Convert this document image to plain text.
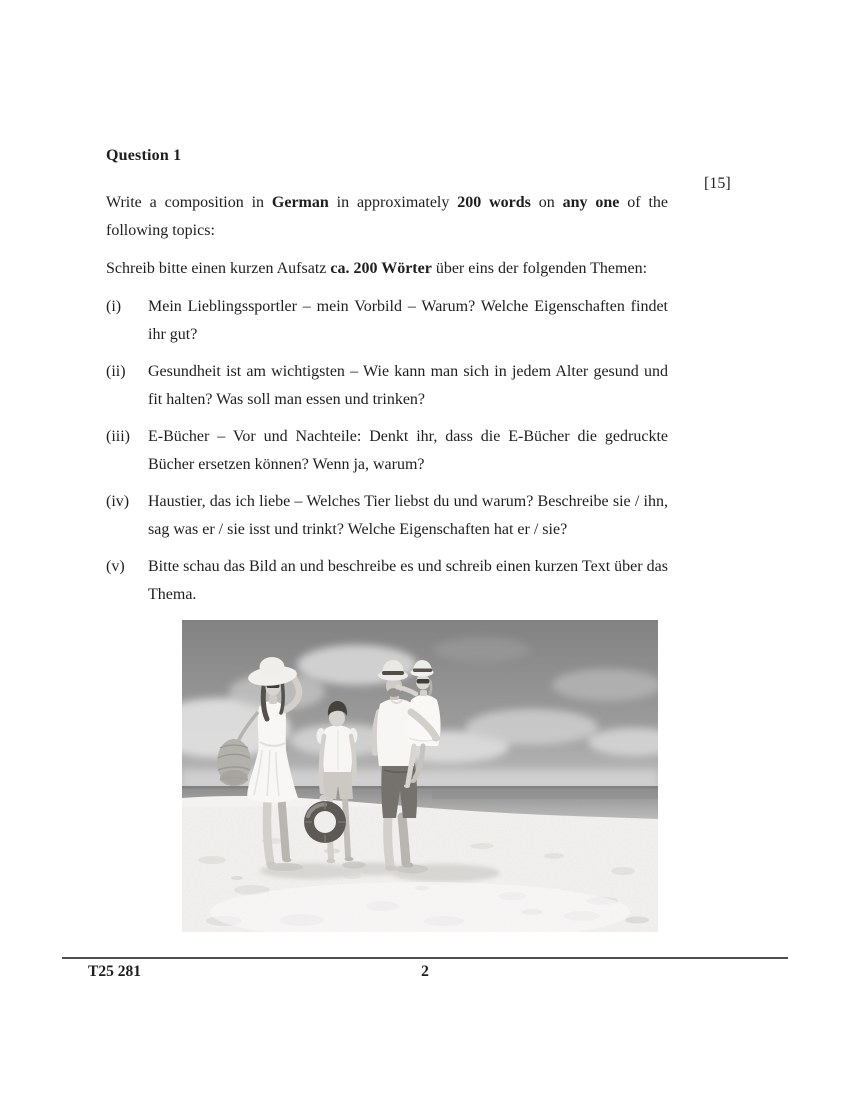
[15]
Question 1

Write a composition in German in approximately 200 words on any one of the following topics:

Schreib bitte einen kurzen Aufsatz ca. 200 Wörter über eins der folgenden Themen:

(i)	Mein Lieblingssportler – mein Vorbild – Warum? Welche Eigenschaften findet ihr gut?
(ii)	Gesundheit ist am wichtigsten – Wie kann man sich in jedem Alter gesund und fit halten? Was soll man essen und trinken?
(iii)	E-Bücher – Vor und Nachteile: Denkt ihr, dass die E-Bücher die gedruckte Bücher ersetzen können? Wenn ja, warum?
(iv)	Haustier, das ich liebe – Welches Tier liebst du und warum? Beschreibe sie / ihn, sag was er / sie isst und trinkt? Welche Eigenschaften hat er / sie?
(v)	Bitte schau das Bild an und beschreibe es und schreib einen kurzen Text über das Thema.
T25 281	2
